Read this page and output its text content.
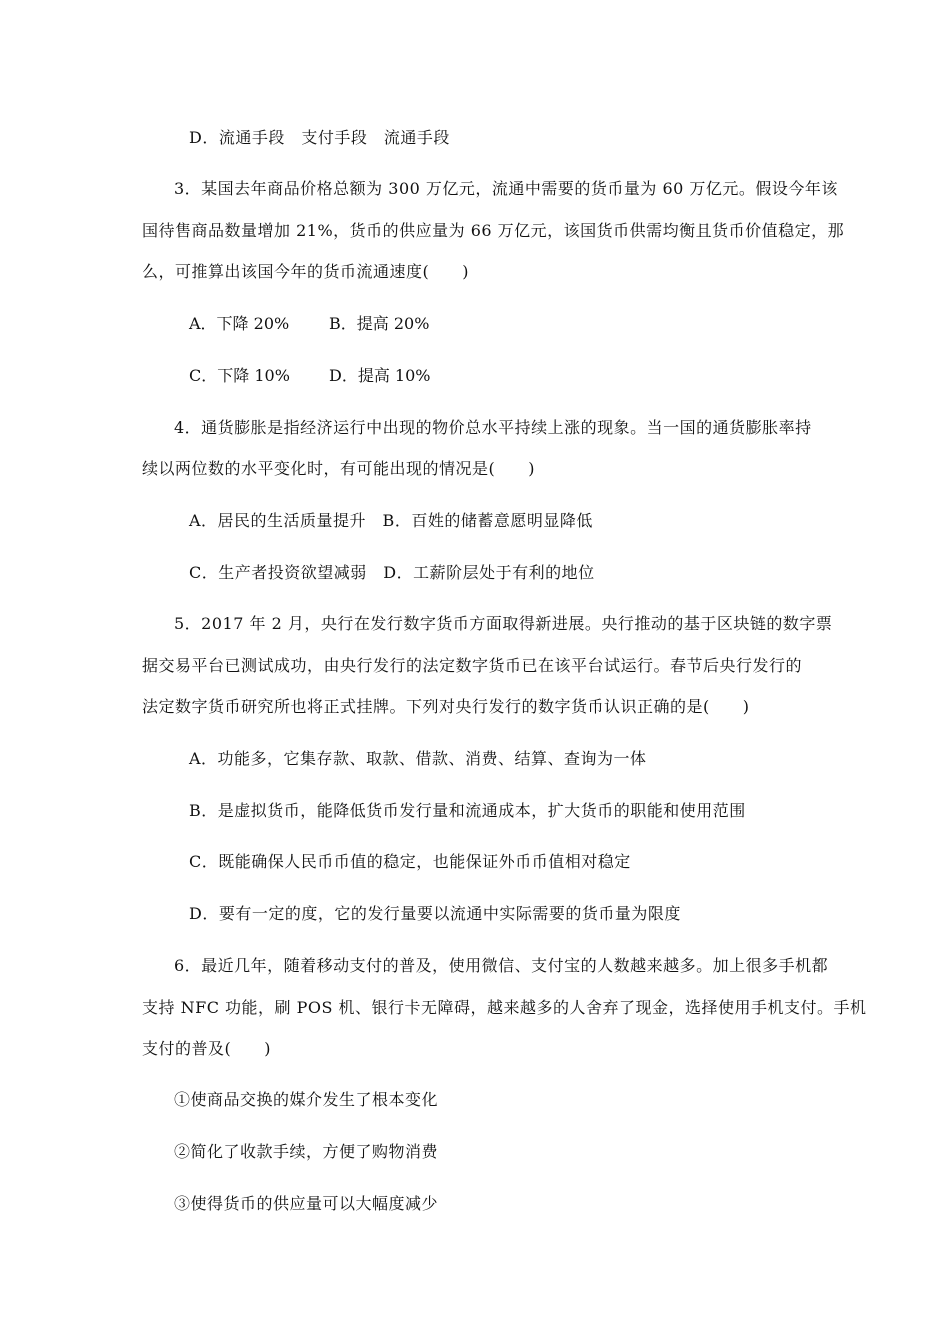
D．流通手段　支付手段　流通手段
3．某国去年商品价格总额为 300 万亿元，流通中需要的货币量为 60 万亿元。假设今年该
国待售商品数量增加 21%，货币的供应量为 66 万亿元，该国货币供需均衡且货币价值稳定，那
么，可推算出该国今年的货币流通速度(　　)
A．下降 20% B．提高 20%
C．下降 10% D．提高 10%
4．通货膨胀是指经济运行中出现的物价总水平持续上涨的现象。当一国的通货膨胀率持
续以两位数的水平变化时，有可能出现的情况是(　　)
A．居民的生活质量提升　B．百姓的储蓄意愿明显降低
C．生产者投资欲望减弱　D．工薪阶层处于有利的地位
5．2017 年 2 月，央行在发行数字货币方面取得新进展。央行推动的基于区块链的数字票
据交易平台已测试成功，由央行发行的法定数字货币已在该平台试运行。春节后央行发行的
法定数字货币研究所也将正式挂牌。下列对央行发行的数字货币认识正确的是(　　)
A．功能多，它集存款、取款、借款、消费、结算、查询为一体
B．是虚拟货币，能降低货币发行量和流通成本，扩大货币的职能和使用范围
C．既能确保人民币币值的稳定，也能保证外币币值相对稳定
D．要有一定的度，它的发行量要以流通中实际需要的货币量为限度
6．最近几年，随着移动支付的普及，使用微信、支付宝的人数越来越多。加上很多手机都
支持 NFC 功能，刷 POS 机、银行卡无障碍，越来越多的人舍弃了现金，选择使用手机支付。手机
支付的普及(　　)
①使商品交换的媒介发生了根本变化
②简化了收款手续，方便了购物消费
③使得货币的供应量可以大幅度减少
